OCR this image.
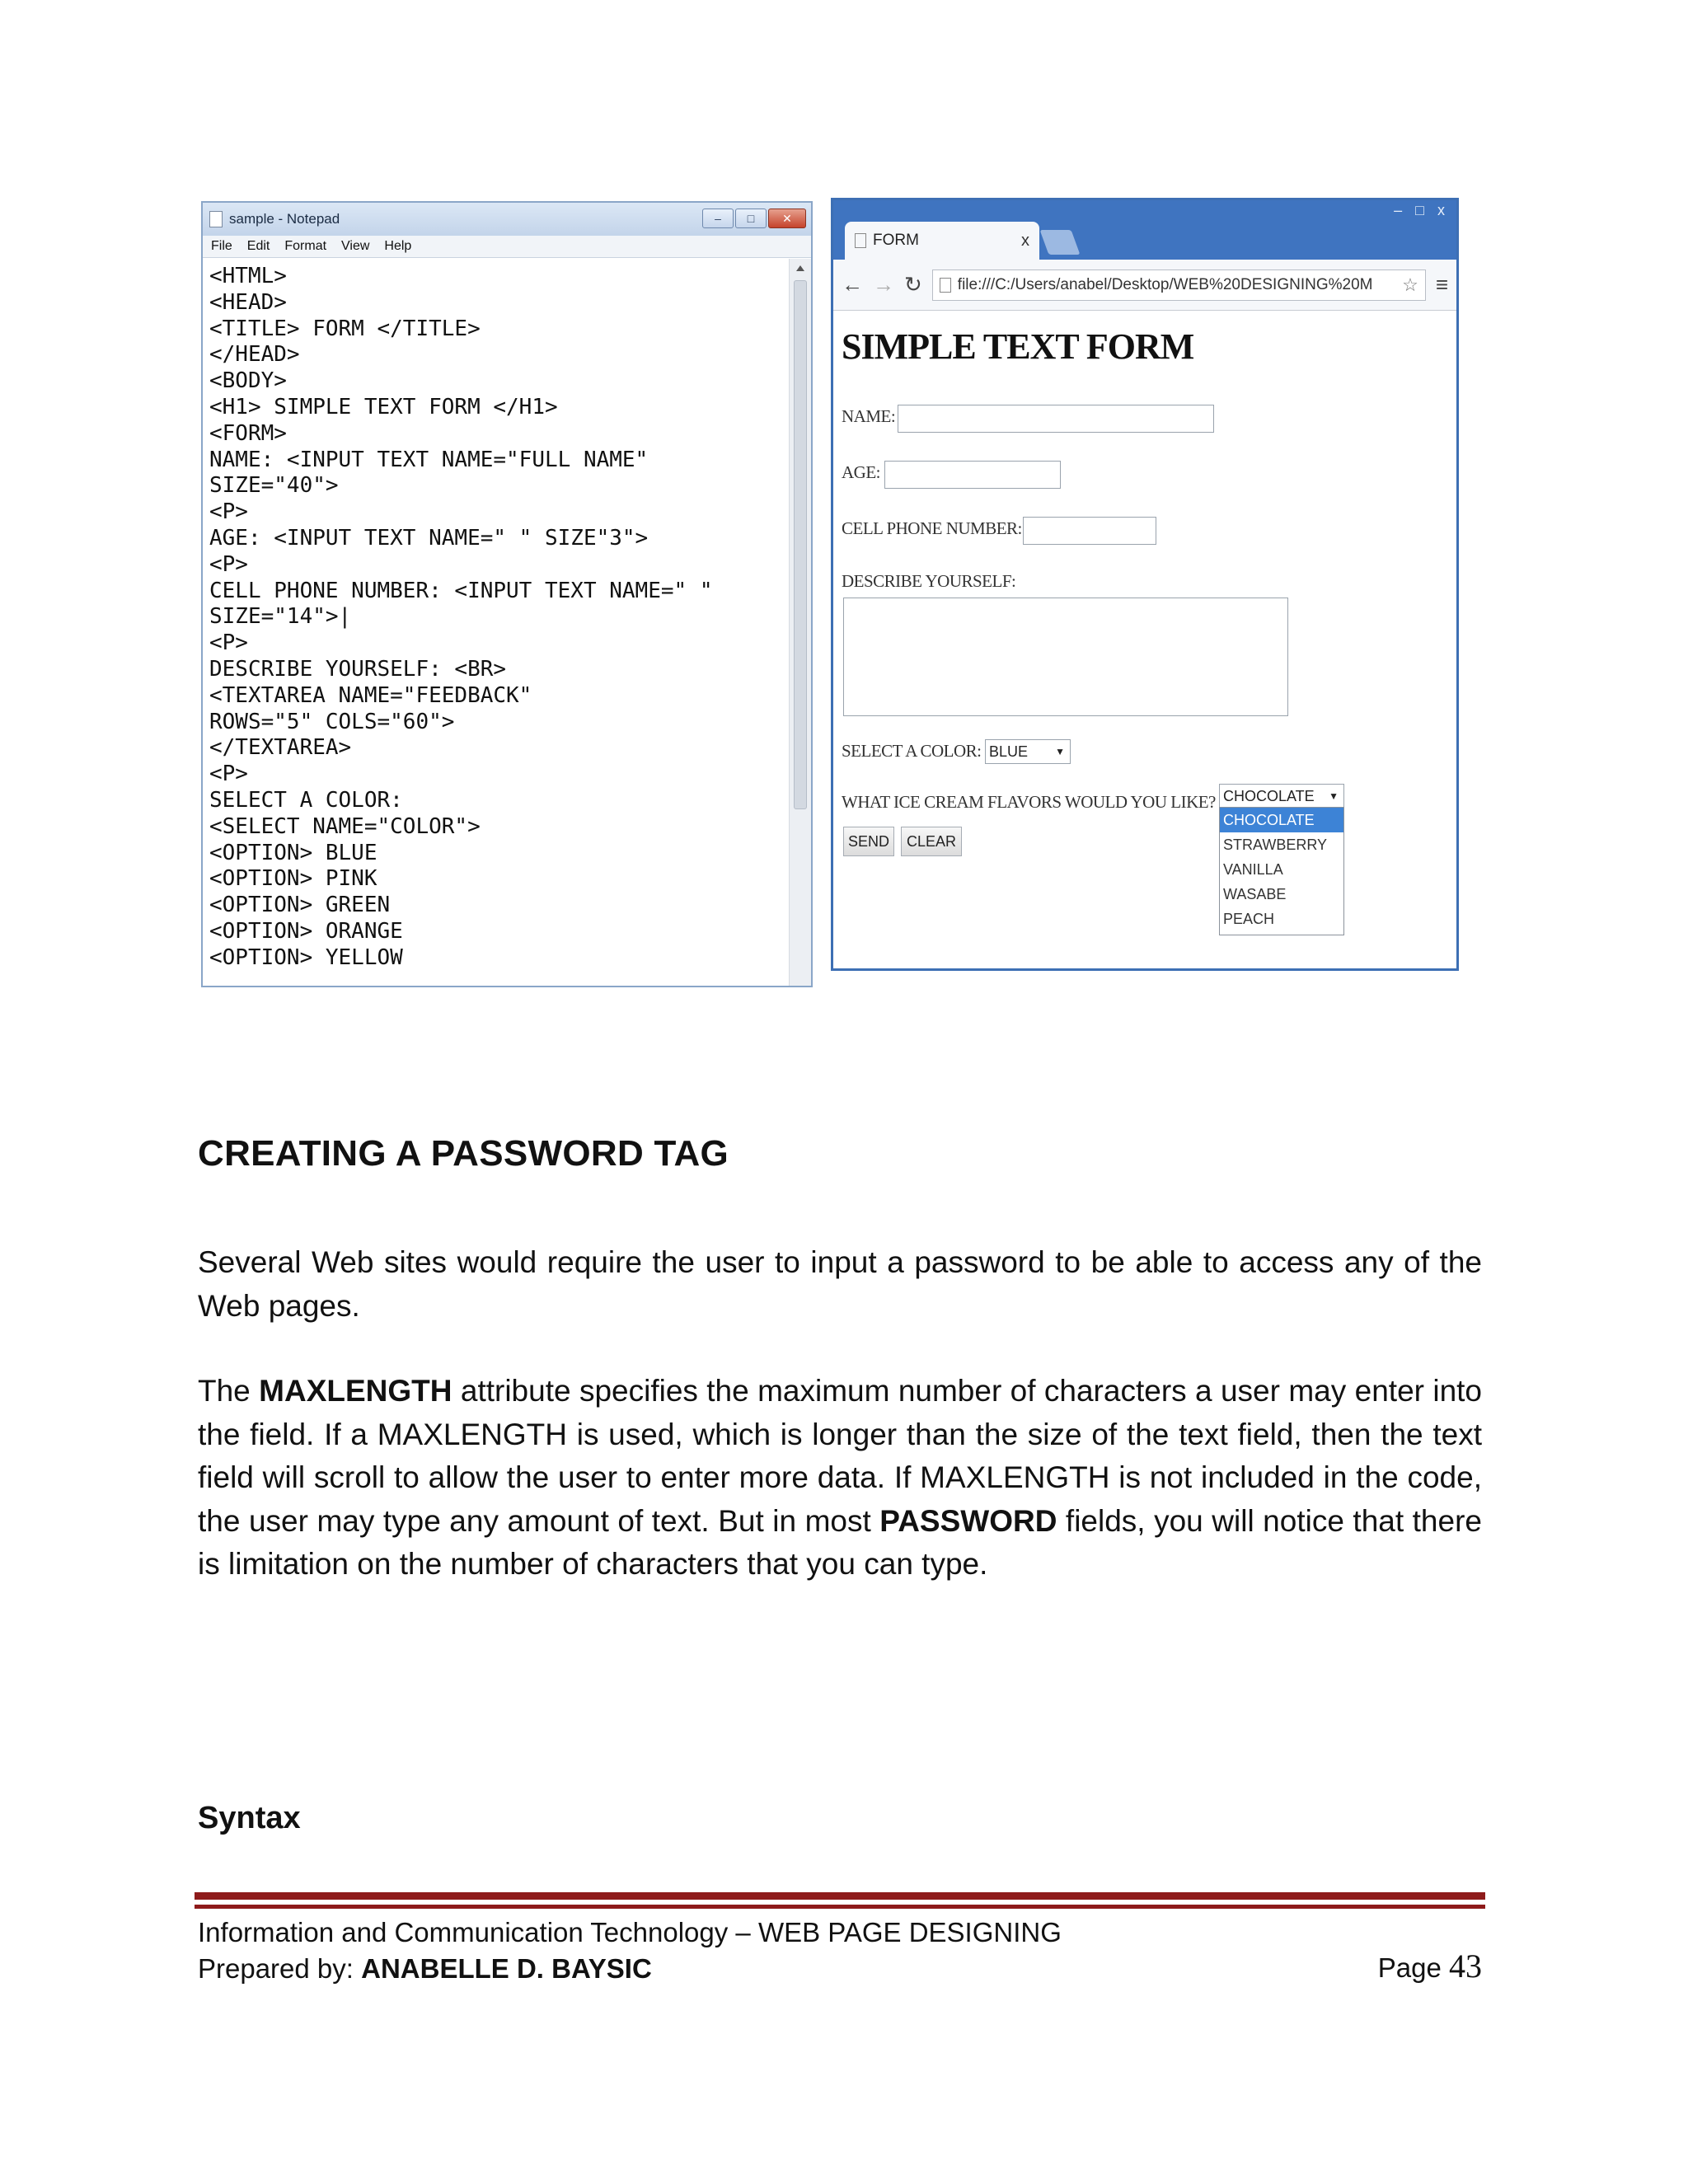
sample - Notepad	–	□	✕
File Edit Format View Help
<HTML>
<HEAD>
<TITLE> FORM </TITLE>
</HEAD>
<BODY>
<H1> SIMPLE TEXT FORM </H1>
<FORM>
NAME: <INPUT TEXT NAME="FULL NAME"
SIZE="40">
<P>
AGE: <INPUT TEXT NAME=" " SIZE"3">
<P>
CELL PHONE NUMBER: <INPUT TEXT NAME=" "
SIZE="14">|
<P>
DESCRIBE YOURSELF: <BR>
<TEXTAREA NAME="FEEDBACK"
ROWS="5" COLS="60">
</TEXTAREA>
<P>
SELECT A COLOR:
<SELECT NAME="COLOR">
<OPTION> BLUE
<OPTION> PINK
<OPTION> GREEN
<OPTION> ORANGE
<OPTION> YELLOW
FORM	x
– □ x
← → ↻ file:///C:/Users/anabel/Desktop/WEB%20DESIGNING%20M	☆ ≡
SIMPLE TEXT FORM
NAME:
AGE:
CELL PHONE NUMBER:
DESCRIBE YOURSELF:
SELECT A COLOR: BLUE	▼
WHAT ICE CREAM FLAVORS WOULD YOU LIKE? CHOCOLATE ▼
CHOCOLATE
STRAWBERRY
VANILLA
WASABE
PEACH
SEND	CLEAR
CREATING A PASSWORD TAG
Several Web sites would require the user to input a password to be able to access any of the Web pages.
The MAXLENGTH attribute specifies the maximum number of characters a user may enter into the field. If a MAXLENGTH is used, which is longer than the size of the text field, then the text field will scroll to allow the user to enter more data. If MAXLENGTH is not included in the code, the user may type any amount of text. But in most PASSWORD fields, you will notice that there is limitation on the number of characters that you can type.
Syntax
Information and Communication Technology – WEB PAGE DESIGNING
Prepared by: ANABELLE D. BAYSIC	Page 43
